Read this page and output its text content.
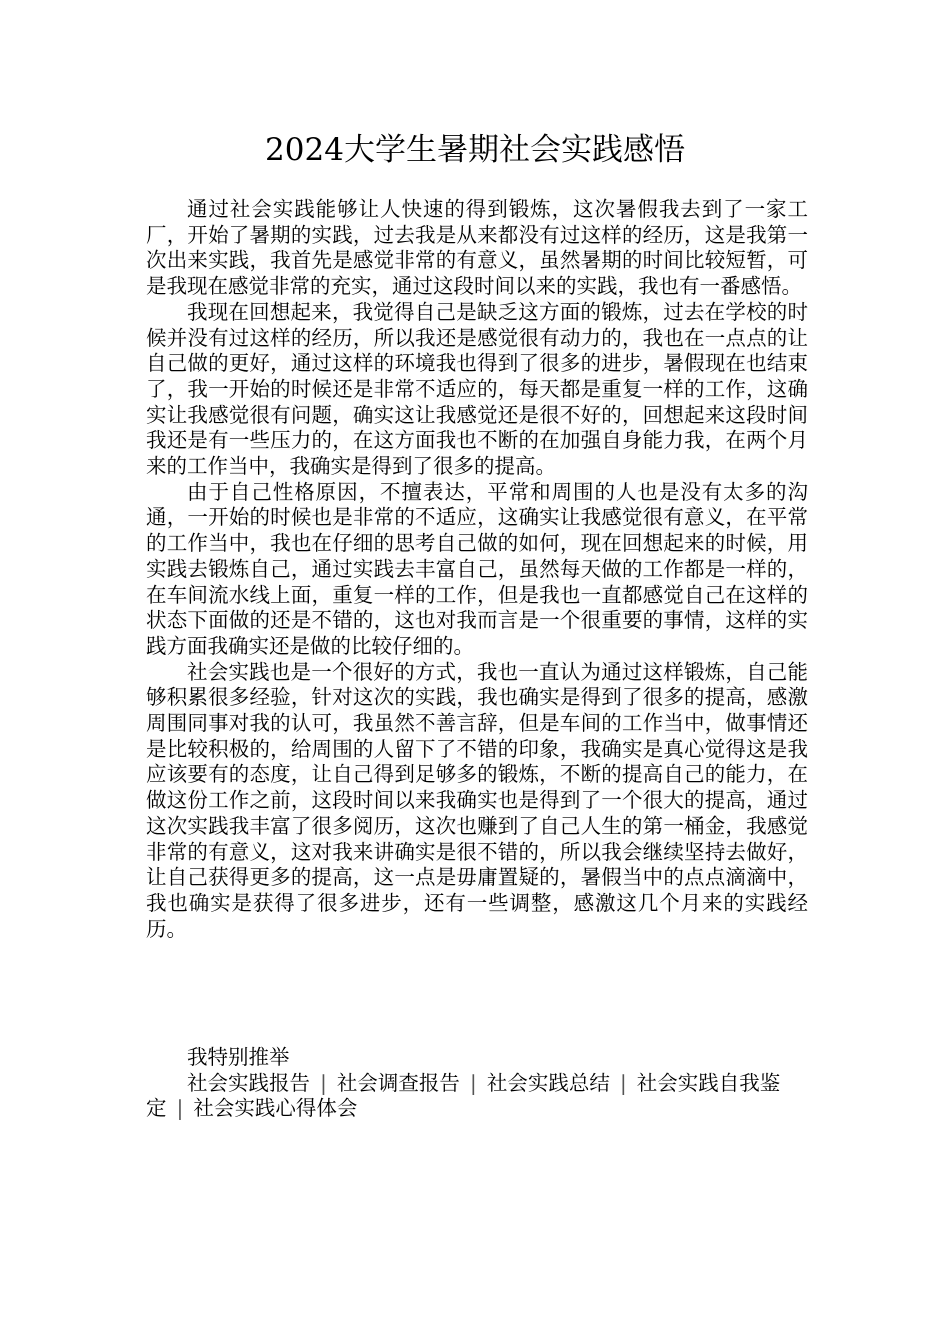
2024大学生暑期社会实践感悟

通过社会实践能够让人快速的得到锻炼，这次暑假我去到了一家工厂，开始了暑期的实践，过去我是从来都没有过这样的经历，这是我第一次出来实践，我首先是感觉非常的有意义，虽然暑期的时间比较短暂，可是我现在感觉非常的充实，通过这段时间以来的实践，我也有一番感悟。

我现在回想起来，我觉得自己是缺乏这方面的锻炼，过去在学校的时候并没有过这样的经历，所以我还是感觉很有动力的，我也在一点点的让自己做的更好，通过这样的环境我也得到了很多的进步，暑假现在也结束了，我一开始的时候还是非常不适应的，每天都是重复一样的工作，这确实让我感觉很有问题，确实这让我感觉还是很不好的，回想起来这段时间我还是有一些压力的，在这方面我也不断的在加强自身能力我，在两个月来的工作当中，我确实是得到了很多的提高。

由于自己性格原因，不擅表达，平常和周围的人也是没有太多的沟通，一开始的时候也是非常的不适应，这确实让我感觉很有意义，在平常的工作当中，我也在仔细的思考自己做的如何，现在回想起来的时候，用实践去锻炼自己，通过实践去丰富自己，虽然每天做的工作都是一样的，在车间流水线上面，重复一样的工作，但是我也一直都感觉自己在这样的状态下面做的还是不错的，这也对我而言是一个很重要的事情，这样的实践方面我确实还是做的比较仔细的。

社会实践也是一个很好的方式，我也一直认为通过这样锻炼，自己能够积累很多经验，针对这次的实践，我也确实是得到了很多的提高，感激周围同事对我的认可，我虽然不善言辞，但是车间的工作当中，做事情还是比较积极的，给周围的人留下了不错的印象，我确实是真心觉得这是我应该要有的态度，让自己得到足够多的锻炼，不断的提高自己的能力，在做这份工作之前，这段时间以来我确实也是得到了一个很大的提高，通过这次实践我丰富了很多阅历，这次也赚到了自己人生的第一桶金，我感觉非常的有意义，这对我来讲确实是很不错的，所以我会继续坚持去做好，让自己获得更多的提高，这一点是毋庸置疑的，暑假当中的点点滴滴中，我也确实是获得了很多进步，还有一些调整，感激这几个月来的实践经历。

我特别推举

社会实践报告 | 社会调查报告 | 社会实践总结 | 社会实践自我鉴定 | 社会实践心得体会
